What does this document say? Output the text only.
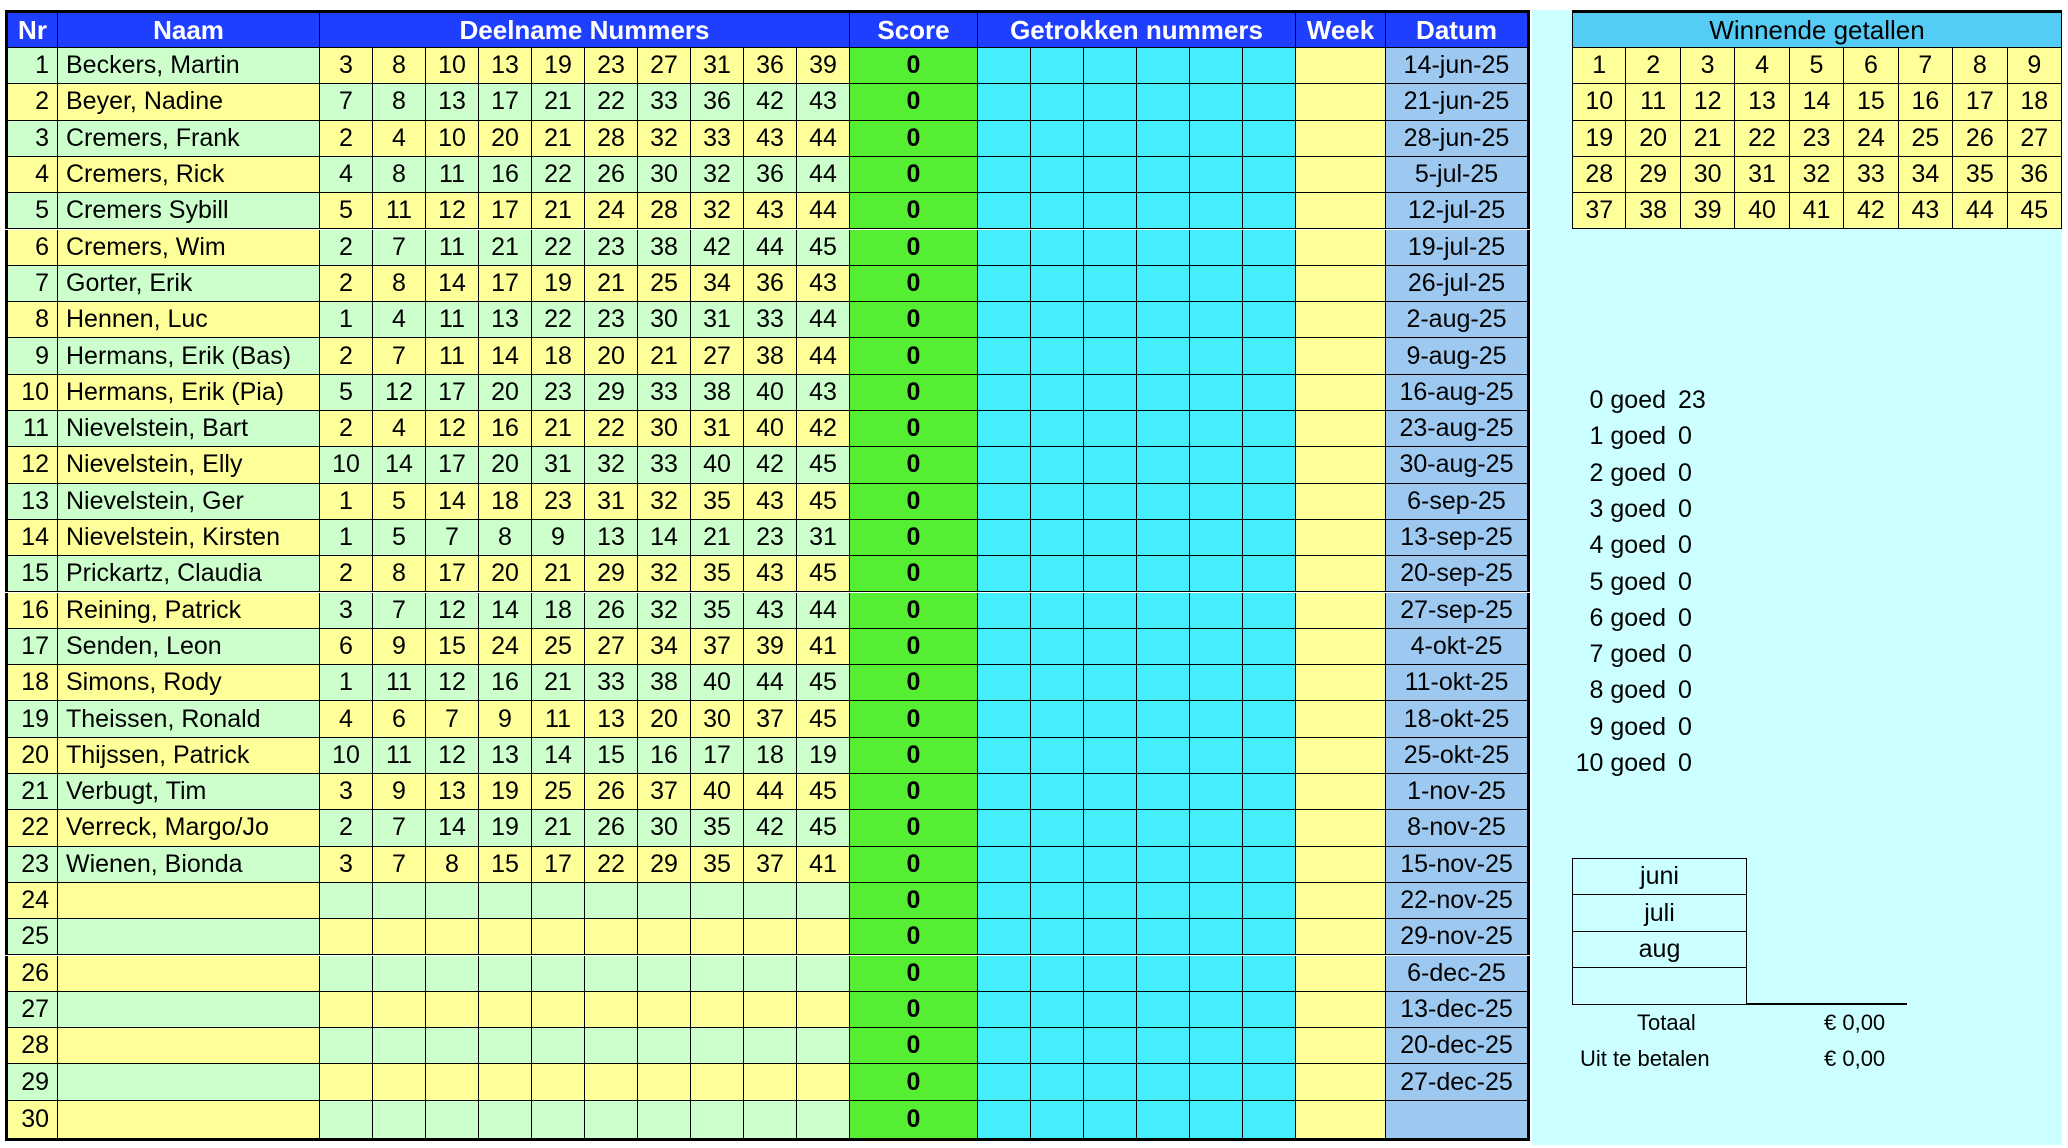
Nr	Naam	Deelname Nummers	Score	Getrokken nummers	Week	Datum
1 Beckers, Martin	3	8	10	13	19	23	27	31	36	39	0	14-jun-25
2 Beyer, Nadine	7	8	13	17	21	22	33	36	42	43	0	21-jun-25
3 Cremers, Frank	2	4	10	20	21	28	32	33	43	44	0	28-jun-25
4 Cremers, Rick	4	8	11	16	22	26	30	32	36	44	0	5-jul-25
5 Cremers Sybill	5	11	12	17	21	24	28	32	43	44	0	12-jul-25
6 Cremers, Wim	2	7	11	21	22	23	38	42	44	45	0	19-jul-25
7 Gorter, Erik	2	8	14	17	19	21	25	34	36	43	0	26-jul-25
8 Hennen, Luc	1	4	11	13	22	23	30	31	33	44	0	2-aug-25
9 Hermans, Erik (Bas)	2	7	11	14	18	20	21	27	38	44	0	9-aug-25
10 Hermans, Erik (Pia)	5	12	17	20	23	29	33	38	40	43	0	16-aug-25
11 Nievelstein, Bart	2	4	12	16	21	22	30	31	40	42	0	23-aug-25
12 Nievelstein, Elly	10	14	17	20	31	32	33	40	42	45	0	30-aug-25
13 Nievelstein, Ger	1	5	14	18	23	31	32	35	43	45	0	6-sep-25
14 Nievelstein, Kirsten	1	5	7	8	9	13	14	21	23	31	0	13-sep-25
15 Prickartz, Claudia	2	8	17	20	21	29	32	35	43	45	0	20-sep-25
16 Reining, Patrick	3	7	12	14	18	26	32	35	43	44	0	27-sep-25
17 Senden, Leon	6	9	15	24	25	27	34	37	39	41	0	4-okt-25
18 Simons, Rody	1	11	12	16	21	33	38	40	44	45	0	11-okt-25
19 Theissen, Ronald	4	6	7	9	11	13	20	30	37	45	0	18-okt-25
20 Thijssen, Patrick	10	11	12	13	14	15	16	17	18	19	0	25-okt-25
21 Verbugt, Tim	3	9	13	19	25	26	37	40	44	45	0	1-nov-25
22 Verreck, Margo/Jo	2	7	14	19	21	26	30	35	42	45	0	8-nov-25
23 Wienen, Bionda	3	7	8	15	17	22	29	35	37	41	0	15-nov-25
24	0	22-nov-25
25	0	29-nov-25
26	0	6-dec-25
27	0	13-dec-25
28	0	20-dec-25
29	0	27-dec-25
30	0
Winnende getallen
1	2	3	4	5	6	7	8	9
10	11	12	13	14	15	16	17	18
19	20	21	22	23	24	25	26	27
28	29	30	31	32	33	34	35	36
37	38	39	40	41	42	43	44	45
0 goed 23
1 goed 0
2 goed 0
3 goed 0
4 goed 0
5 goed 0
6 goed 0
7 goed 0
8 goed 0
9 goed 0
10 goed 0
juni
juli
aug
Totaal	€ 0,00
Uit te betalen	€ 0,00
